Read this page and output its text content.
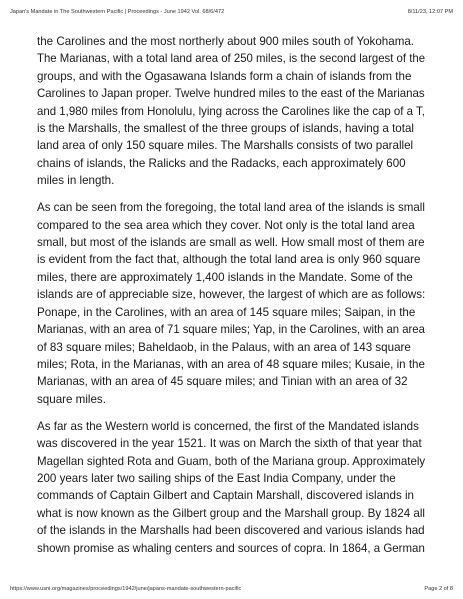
Japan's Mandate in The Southwestern Pacific | Proceedings - June 1942 Vol. 68/6/472	8/11/23, 12:07 PM

the Carolines and the most northerly about 900 miles south of Yokohama.

The Marianas, with a total land area of 250 miles, is the second largest of the

groups, and with the Ogasawana Islands form a chain of islands from the

Carolines to Japan proper. Twelve hundred miles to the east of the Marianas

and 1,980 miles from Honolulu, lying across the Carolines like the cap of a T,

is the Marshalls, the smallest of the three groups of islands, having a total

land area of only 150 square miles. The Marshalls consists of two parallel

chains of islands, the Ralicks and the Radacks, each approximately 600

miles in length.

As can be seen from the foregoing, the total land area of the islands is small

compared to the sea area which they cover. Not only is the total land area

small, but most of the islands are small as well. How small most of them are

is evident from the fact that, although the total land area is only 960 square

miles, there are approximately 1,400 islands in the Mandate. Some of the

islands are of appreciable size, however, the largest of which are as follows:

Ponape, in the Carolines, with an area of 145 square miles; Saipan, in the

Marianas, with an area of 71 square miles; Yap, in the Carolines, with an area

of 83 square miles; Baheldaob, in the Palaus, with an area of 143 square

miles; Rota, in the Marianas, with an area of 48 square miles; Kusaie, in the

Marianas, with an area of 45 square miles; and Tinian with an area of 32

square miles.

As far as the Western world is concerned, the first of the Mandated islands

was discovered in the year 1521. It was on March the sixth of that year that

Magellan sighted Rota and Guam, both of the Mariana group. Approximately

200 years later two sailing ships of the East India Company, under the

commands of Captain Gilbert and Captain Marshall, discovered islands in

what is now known as the Gilbert group and the Marshall group. By 1824 all

of the islands in the Marshalls had been discovered and various islands had

shown promise as whaling centers and sources of copra. In 1864, a German

https://www.usni.org/magazines/proceedings/1942/june/japans-mandate-southwestern-pacific	Page 2 of 8
